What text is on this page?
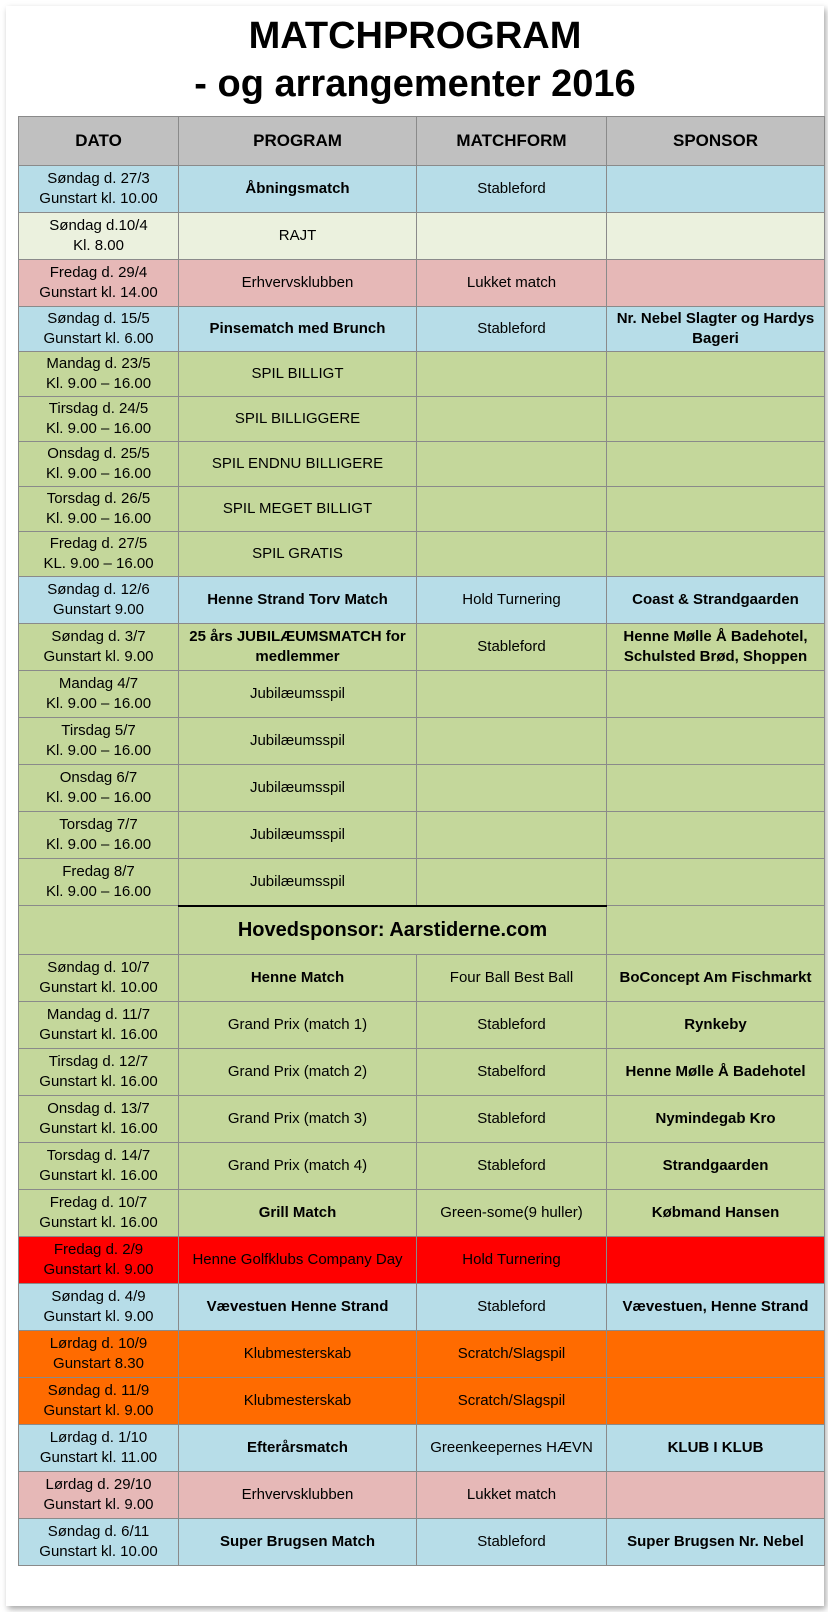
MATCHPROGRAM
- og arrangementer 2016
DATO	PROGRAM	MATCHFORM	SPONSOR
Søndag d. 27/3
Gunstart kl. 10.00	Åbningsmatch	Stableford	
Søndag d.10/4
Kl. 8.00	RAJT		
Fredag d. 29/4
Gunstart kl. 14.00	Erhvervsklubben	Lukket match	
Søndag d. 15/5
Gunstart kl. 6.00	Pinsematch med Brunch	Stableford	Nr. Nebel Slagter og Hardys Bageri
Mandag d. 23/5
Kl. 9.00 – 16.00	SPIL BILLIGT		
Tirsdag d. 24/5
Kl. 9.00 – 16.00	SPIL BILLIGGERE		
Onsdag d. 25/5
Kl. 9.00 – 16.00	SPIL ENDNU BILLIGERE		
Torsdag d. 26/5
Kl. 9.00 – 16.00	SPIL MEGET BILLIGT		
Fredag d. 27/5
KL. 9.00 – 16.00	SPIL GRATIS		
Søndag d. 12/6
Gunstart 9.00	Henne Strand Torv Match	Hold Turnering	Coast & Strandgaarden
Søndag d. 3/7
Gunstart kl. 9.00	25 års JUBILÆUMSMATCH for medlemmer	Stableford	Henne Mølle Å Badehotel, Schulsted Brød, Shoppen
Mandag 4/7
Kl. 9.00 – 16.00	Jubilæumsspil		
Tirsdag 5/7
Kl. 9.00 – 16.00	Jubilæumsspil		
Onsdag 6/7
Kl. 9.00 – 16.00	Jubilæumsspil		
Torsdag 7/7
Kl. 9.00 – 16.00	Jubilæumsspil		
Fredag 8/7
Kl. 9.00 – 16.00	Jubilæumsspil		
	Hovedsponsor: Aarstiderne.com		
Søndag d. 10/7
Gunstart kl. 10.00	Henne Match	Four Ball Best Ball	BoConcept Am Fischmarkt
Mandag d. 11/7
Gunstart kl. 16.00	Grand Prix (match 1)	Stableford	Rynkeby
Tirsdag d. 12/7
Gunstart kl. 16.00	Grand Prix (match 2)	Stabelford	Henne Mølle Å Badehotel
Onsdag d. 13/7
Gunstart kl. 16.00	Grand Prix (match 3)	Stableford	Nymindegab Kro
Torsdag d. 14/7
Gunstart kl. 16.00	Grand Prix (match 4)	Stableford	Strandgaarden
Fredag d. 10/7
Gunstart kl. 16.00	Grill Match	Green-some(9 huller)	Købmand Hansen
Fredag d. 2/9
Gunstart kl. 9.00	Henne Golfklubs Company Day	Hold Turnering	
Søndag d. 4/9
Gunstart kl. 9.00	Vævestuen Henne Strand	Stableford	Vævestuen, Henne Strand
Lørdag d. 10/9
Gunstart 8.30	Klubmesterskab	Scratch/Slagspil	
Søndag d. 11/9
Gunstart kl. 9.00	Klubmesterskab	Scratch/Slagspil	
Lørdag d. 1/10
Gunstart kl. 11.00	Efterårsmatch	Greenkeepernes HÆVN	KLUB I KLUB
Lørdag d. 29/10
Gunstart kl. 9.00	Erhvervsklubben	Lukket match	
Søndag d. 6/11
Gunstart kl. 10.00	Super Brugsen Match	Stableford	Super Brugsen Nr. Nebel
